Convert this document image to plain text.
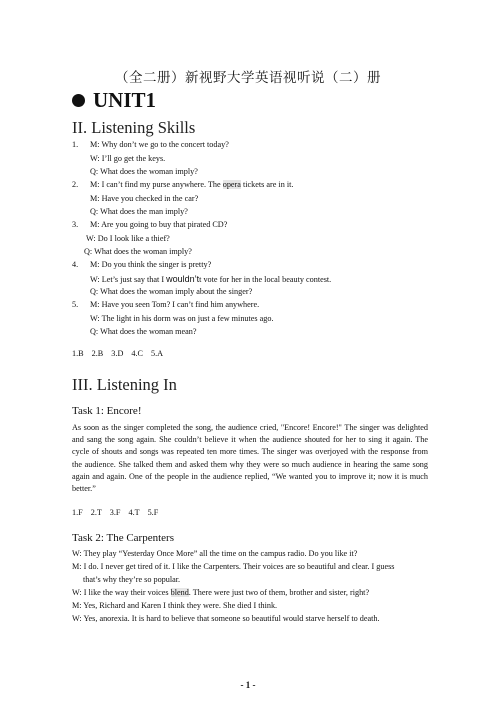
（全二册）新视野大学英语视听说（二）册
UNIT1
II. Listening Skills
1. M: Why don’t we go to the concert today?
W: I’ll go get the keys.
Q: What does the woman imply?
2. M: I can’t find my purse anywhere. The opera tickets are in it.
M: Have you checked in the car?
Q: What does the man imply?
3. M: Are you going to buy that pirated CD?
W: Do I look like a thief?
Q: What does the woman imply?
4. M: Do you think the singer is pretty?
W: Let’s just say that I wouldn’tt vote for her in the local beauty contest.
Q: What does the woman imply about the singer?
5. M: Have you seen Tom? I can’t find him anywhere.
W: The light in his dorm was on just a few minutes ago.
Q: What does the woman mean?
1.B 2.B 3.D 4.C 5.A
III. Listening In
Task 1: Encore!
As soon as the singer completed the song, the audience cried, "Encore! Encore!" The singer was delighted and sang the song again. She couldn’t believe it when the audience shouted for her to sing it again. The cycle of shouts and songs was repeated ten more times. The singer was overjoyed with the response from the audience. She talked them and asked them why they were so much audience in hearing the same song again and again. One of the people in the audience replied, “We wanted you to improve it; now it is much better.”
1.F 2.T 3.F 4.T 5.F
Task 2: The Carpenters
W: They play “Yesterday Once More” all the time on the campus radio. Do you like it?
M: I do. I never get tired of it. I like the Carpenters. Their voices are so beautiful and clear. I guess
that’s why they’re so popular.
W: I like the way their voices blend. There were just two of them, brother and sister, right?
M: Yes, Richard and Karen I think they were. She died I think.
W: Yes, anorexia. It is hard to believe that someone so beautiful would starve herself to death.
- 1 -
